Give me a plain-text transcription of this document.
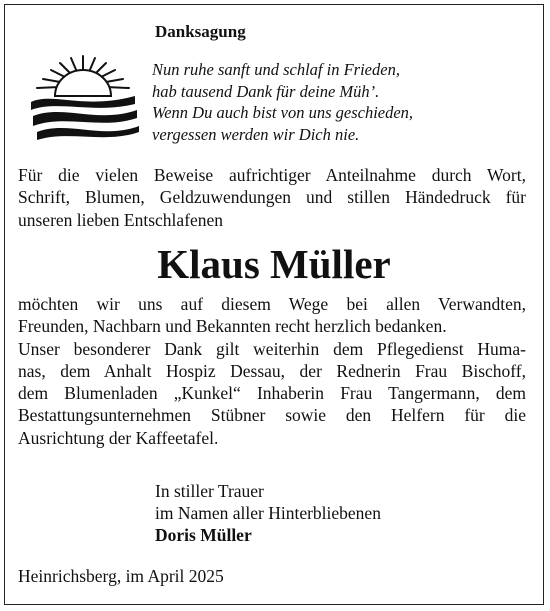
Danksagung
Nun ruhe sanft und schlaf in Frieden,
hab tausend Dank für deine Müh’.
Wenn Du auch bist von uns geschieden,
vergessen werden wir Dich nie.
Für die vielen Beweise aufrichtiger Anteilnahme durch Wort,
Schrift, Blumen, Geldzuwendungen und stillen Händedruck für
unseren lieben Entschlafenen
Klaus Müller
möchten wir uns auf diesem Wege bei allen Verwandten,
Freunden, Nachbarn und Bekannten recht herzlich bedanken.
Unser besonderer Dank gilt weiterhin dem Pflegedienst Huma-
nas, dem Anhalt Hospiz Dessau, der Rednerin Frau Bischoff,
dem Blumenladen „Kunkel“ Inhaberin Frau Tangermann, dem
Bestattungsunternehmen Stübner sowie den Helfern für die
Ausrichtung der Kaffeetafel.
In stiller Trauer
im Namen aller Hinterbliebenen
Doris Müller
Heinrichsberg, im April 2025
